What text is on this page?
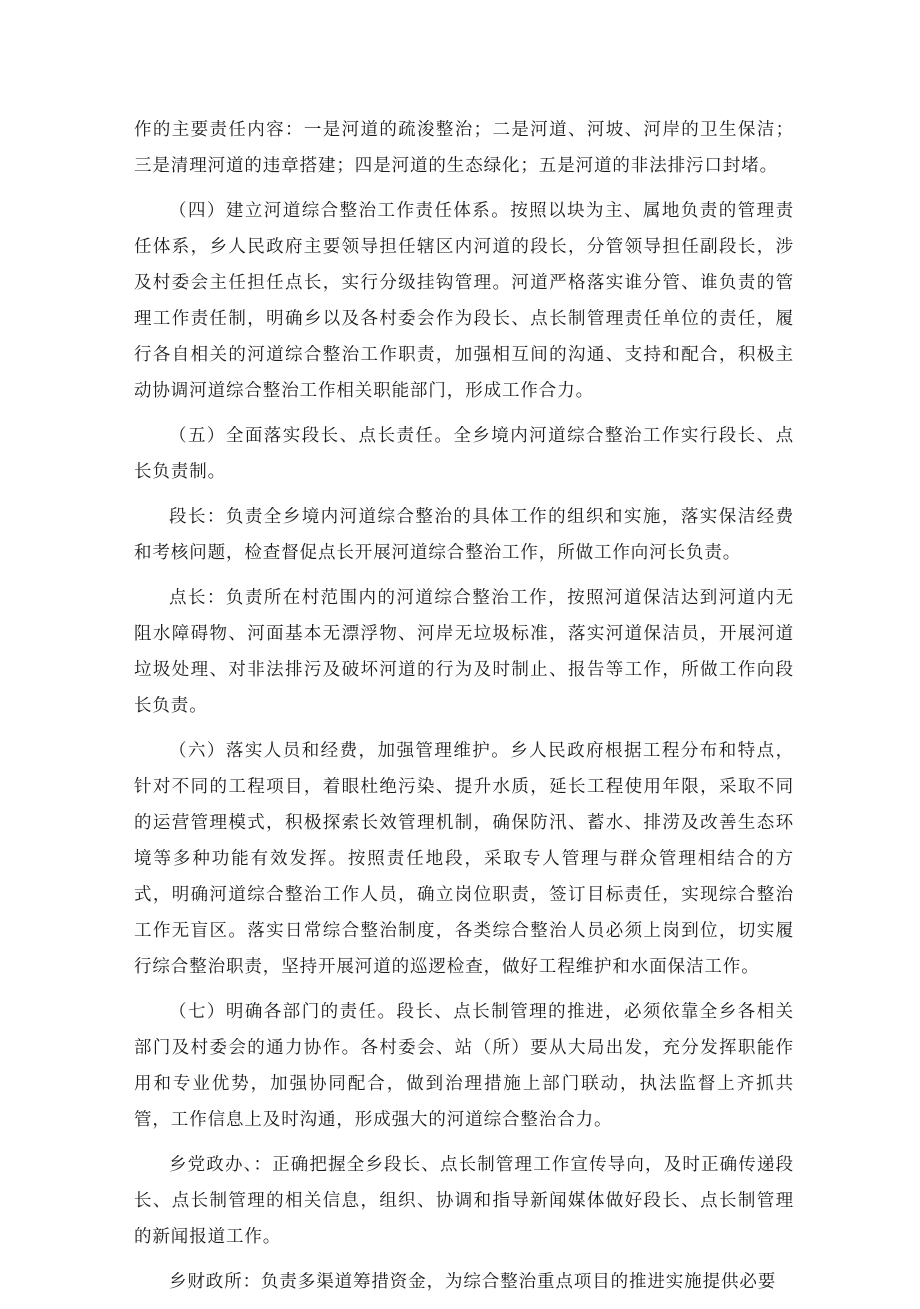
作的主要责任内容：一是河道的疏浚整治；二是河道、河坡、河岸的卫生保洁；三是清理河道的违章搭建；四是河道的生态绿化；五是河道的非法排污口封堵。

（四）建立河道综合整治工作责任体系。按照以块为主、属地负责的管理责任体系，乡人民政府主要领导担任辖区内河道的段长，分管领导担任副段长，涉及村委会主任担任点长，实行分级挂钩管理。河道严格落实谁分管、谁负责的管理工作责任制，明确乡以及各村委会作为段长、点长制管理责任单位的责任，履行各自相关的河道综合整治工作职责，加强相互间的沟通、支持和配合，积极主动协调河道综合整治工作相关职能部门，形成工作合力。

（五）全面落实段长、点长责任。全乡境内河道综合整治工作实行段长、点长负责制。

段长：负责全乡境内河道综合整治的具体工作的组织和实施，落实保洁经费和考核问题，检查督促点长开展河道综合整治工作，所做工作向河长负责。

点长：负责所在村范围内的河道综合整治工作，按照河道保洁达到河道内无阻水障碍物、河面基本无漂浮物、河岸无垃圾标准，落实河道保洁员，开展河道垃圾处理、对非法排污及破坏河道的行为及时制止、报告等工作，所做工作向段长负责。

（六）落实人员和经费，加强管理维护。乡人民政府根据工程分布和特点，针对不同的工程项目，着眼杜绝污染、提升水质，延长工程使用年限，采取不同的运营管理模式，积极探索长效管理机制，确保防汛、蓄水、排涝及改善生态环境等多种功能有效发挥。按照责任地段，采取专人管理与群众管理相结合的方式，明确河道综合整治工作人员，确立岗位职责，签订目标责任，实现综合整治工作无盲区。落实日常综合整治制度，各类综合整治人员必须上岗到位，切实履行综合整治职责，坚持开展河道的巡逻检查，做好工程维护和水面保洁工作。

（七）明确各部门的责任。段长、点长制管理的推进，必须依靠全乡各相关部门及村委会的通力协作。各村委会、站（所）要从大局出发，充分发挥职能作用和专业优势，加强协同配合，做到治理措施上部门联动，执法监督上齐抓共管，工作信息上及时沟通，形成强大的河道综合整治合力。

乡党政办、：正确把握全乡段长、点长制管理工作宣传导向，及时正确传递段长、点长制管理的相关信息，组织、协调和指导新闻媒体做好段长、点长制管理的新闻报道工作。

乡财政所：负责多渠道筹措资金，为综合整治重点项目的推进实施提供必要
